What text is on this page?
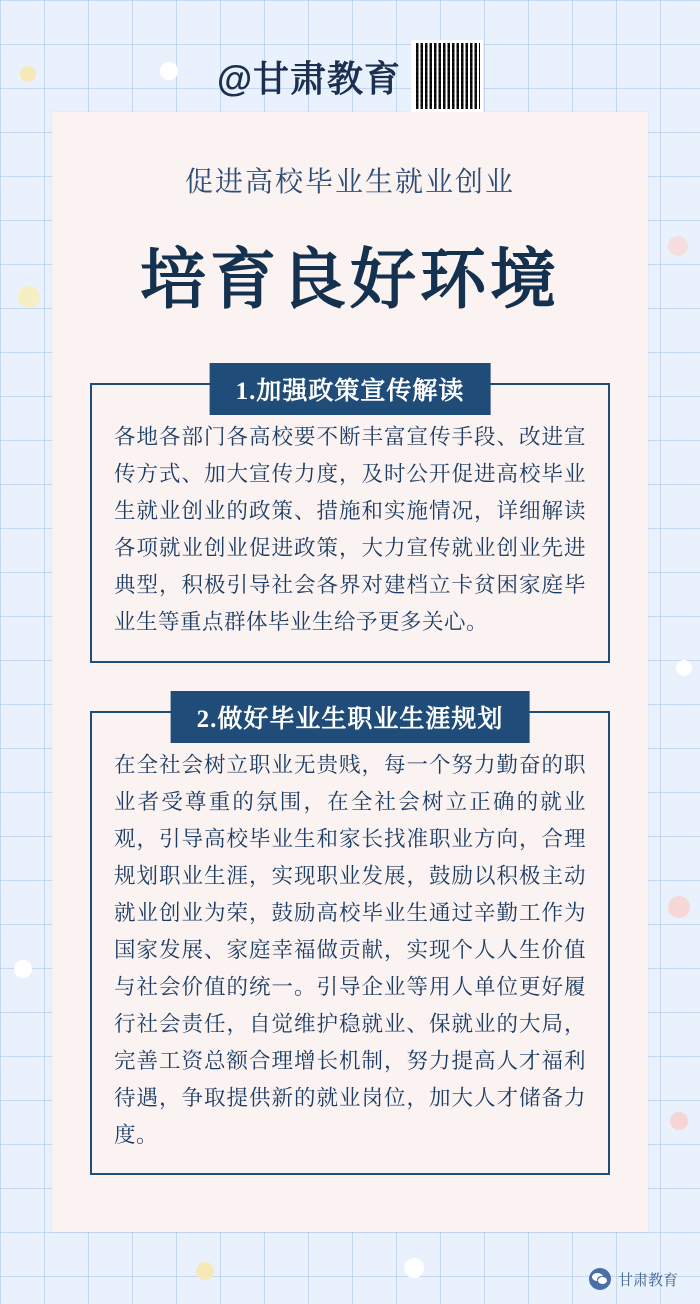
@甘肃教育
促进高校毕业生就业创业
培育良好环境
1.加强政策宣传解读

各地各部门各高校要不断丰富宣传手段、改进宣传方式、加大宣传力度，及时公开促进高校毕业生就业创业的政策、措施和实施情况，详细解读各项就业创业促进政策，大力宣传就业创业先进典型，积极引导社会各界对建档立卡贫困家庭毕业生等重点群体毕业生给予更多关心。

2.做好毕业生职业生涯规划

在全社会树立职业无贵贱，每一个努力勤奋的职业者受尊重的氛围，在全社会树立正确的就业观，引导高校毕业生和家长找准职业方向，合理规划职业生涯，实现职业发展，鼓励以积极主动就业创业为荣，鼓励高校毕业生通过辛勤工作为国家发展、家庭幸福做贡献，实现个人人生价值与社会价值的统一。引导企业等用人单位更好履行社会责任，自觉维护稳就业、保就业的大局，完善工资总额合理增长机制，努力提高人才福利待遇，争取提供新的就业岗位，加大人才储备力度。

甘肃教育
